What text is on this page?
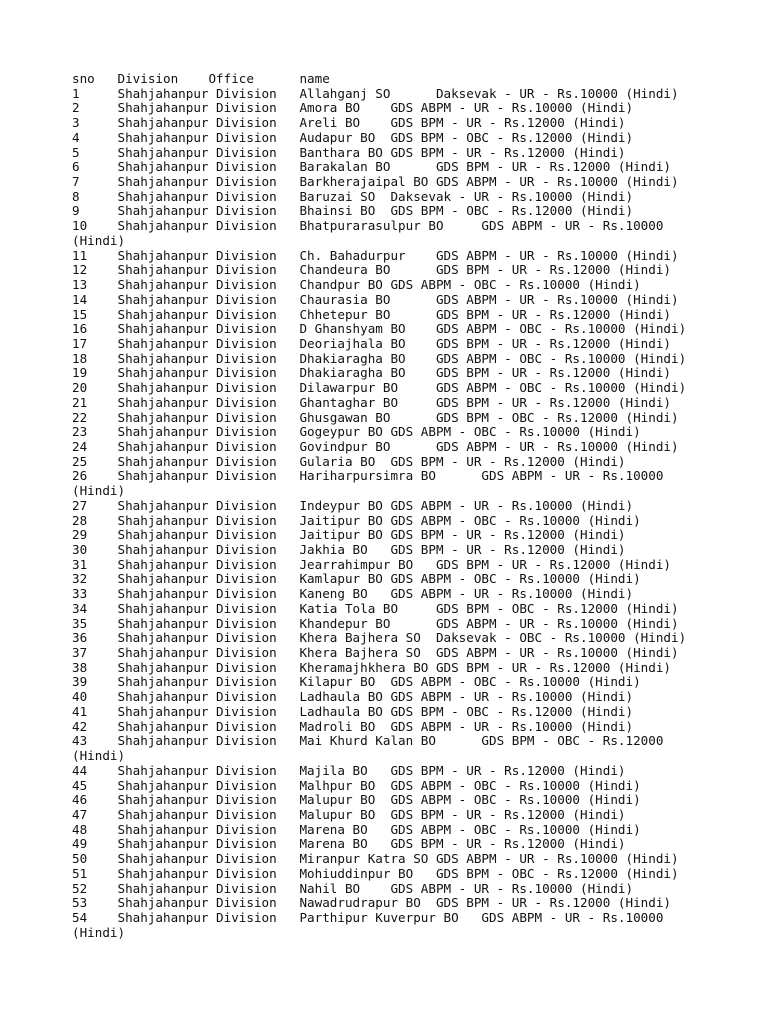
sno   Division    Office      name
1     Shahjahanpur Division   Allahganj SO      Daksevak - UR - Rs.10000 (Hindi)
2     Shahjahanpur Division   Amora BO    GDS ABPM - UR - Rs.10000 (Hindi)
3     Shahjahanpur Division   Areli BO    GDS BPM - UR - Rs.12000 (Hindi)
4     Shahjahanpur Division   Audapur BO  GDS BPM - OBC - Rs.12000 (Hindi)
5     Shahjahanpur Division   Banthara BO GDS BPM - UR - Rs.12000 (Hindi)
6     Shahjahanpur Division   Barakalan BO      GDS BPM - UR - Rs.12000 (Hindi)
7     Shahjahanpur Division   Barkherajaipal BO GDS ABPM - UR - Rs.10000 (Hindi)
8     Shahjahanpur Division   Baruzai SO  Daksevak - UR - Rs.10000 (Hindi)
9     Shahjahanpur Division   Bhainsi BO  GDS BPM - OBC - Rs.12000 (Hindi)
10    Shahjahanpur Division   Bhatpurarasulpur BO     GDS ABPM - UR - Rs.10000
(Hindi)
11    Shahjahanpur Division   Ch. Bahadurpur    GDS ABPM - UR - Rs.10000 (Hindi)
12    Shahjahanpur Division   Chandeura BO      GDS BPM - UR - Rs.12000 (Hindi)
13    Shahjahanpur Division   Chandpur BO GDS ABPM - OBC - Rs.10000 (Hindi)
14    Shahjahanpur Division   Chaurasia BO      GDS ABPM - UR - Rs.10000 (Hindi)
15    Shahjahanpur Division   Chhetepur BO      GDS BPM - UR - Rs.12000 (Hindi)
16    Shahjahanpur Division   D Ghanshyam BO    GDS ABPM - OBC - Rs.10000 (Hindi)
17    Shahjahanpur Division   Deoriajhala BO    GDS BPM - UR - Rs.12000 (Hindi)
18    Shahjahanpur Division   Dhakiaragha BO    GDS ABPM - OBC - Rs.10000 (Hindi)
19    Shahjahanpur Division   Dhakiaragha BO    GDS BPM - UR - Rs.12000 (Hindi)
20    Shahjahanpur Division   Dilawarpur BO     GDS ABPM - OBC - Rs.10000 (Hindi)
21    Shahjahanpur Division   Ghantaghar BO     GDS BPM - UR - Rs.12000 (Hindi)
22    Shahjahanpur Division   Ghusgawan BO      GDS BPM - OBC - Rs.12000 (Hindi)
23    Shahjahanpur Division   Gogeypur BO GDS ABPM - OBC - Rs.10000 (Hindi)
24    Shahjahanpur Division   Govindpur BO      GDS ABPM - UR - Rs.10000 (Hindi)
25    Shahjahanpur Division   Gularia BO  GDS BPM - UR - Rs.12000 (Hindi)
26    Shahjahanpur Division   Hariharpursimra BO      GDS ABPM - UR - Rs.10000
(Hindi)
27    Shahjahanpur Division   Indeypur BO GDS ABPM - UR - Rs.10000 (Hindi)
28    Shahjahanpur Division   Jaitipur BO GDS ABPM - OBC - Rs.10000 (Hindi)
29    Shahjahanpur Division   Jaitipur BO GDS BPM - UR - Rs.12000 (Hindi)
30    Shahjahanpur Division   Jakhia BO   GDS BPM - UR - Rs.12000 (Hindi)
31    Shahjahanpur Division   Jearrahimpur BO   GDS BPM - UR - Rs.12000 (Hindi)
32    Shahjahanpur Division   Kamlapur BO GDS ABPM - OBC - Rs.10000 (Hindi)
33    Shahjahanpur Division   Kaneng BO   GDS ABPM - UR - Rs.10000 (Hindi)
34    Shahjahanpur Division   Katia Tola BO     GDS BPM - OBC - Rs.12000 (Hindi)
35    Shahjahanpur Division   Khandepur BO      GDS ABPM - UR - Rs.10000 (Hindi)
36    Shahjahanpur Division   Khera Bajhera SO  Daksevak - OBC - Rs.10000 (Hindi)
37    Shahjahanpur Division   Khera Bajhera SO  GDS ABPM - UR - Rs.10000 (Hindi)
38    Shahjahanpur Division   Kheramajhkhera BO GDS BPM - UR - Rs.12000 (Hindi)
39    Shahjahanpur Division   Kilapur BO  GDS ABPM - OBC - Rs.10000 (Hindi)
40    Shahjahanpur Division   Ladhaula BO GDS ABPM - UR - Rs.10000 (Hindi)
41    Shahjahanpur Division   Ladhaula BO GDS BPM - OBC - Rs.12000 (Hindi)
42    Shahjahanpur Division   Madroli BO  GDS ABPM - UR - Rs.10000 (Hindi)
43    Shahjahanpur Division   Mai Khurd Kalan BO      GDS BPM - OBC - Rs.12000
(Hindi)
44    Shahjahanpur Division   Majila BO   GDS BPM - UR - Rs.12000 (Hindi)
45    Shahjahanpur Division   Malhpur BO  GDS ABPM - OBC - Rs.10000 (Hindi)
46    Shahjahanpur Division   Malupur BO  GDS ABPM - OBC - Rs.10000 (Hindi)
47    Shahjahanpur Division   Malupur BO  GDS BPM - UR - Rs.12000 (Hindi)
48    Shahjahanpur Division   Marena BO   GDS ABPM - OBC - Rs.10000 (Hindi)
49    Shahjahanpur Division   Marena BO   GDS BPM - UR - Rs.12000 (Hindi)
50    Shahjahanpur Division   Miranpur Katra SO GDS ABPM - UR - Rs.10000 (Hindi)
51    Shahjahanpur Division   Mohiuddinpur BO   GDS BPM - OBC - Rs.12000 (Hindi)
52    Shahjahanpur Division   Nahil BO    GDS ABPM - UR - Rs.10000 (Hindi)
53    Shahjahanpur Division   Nawadrudrapur BO  GDS BPM - UR - Rs.12000 (Hindi)
54    Shahjahanpur Division   Parthipur Kuverpur BO   GDS ABPM - UR - Rs.10000
(Hindi)
